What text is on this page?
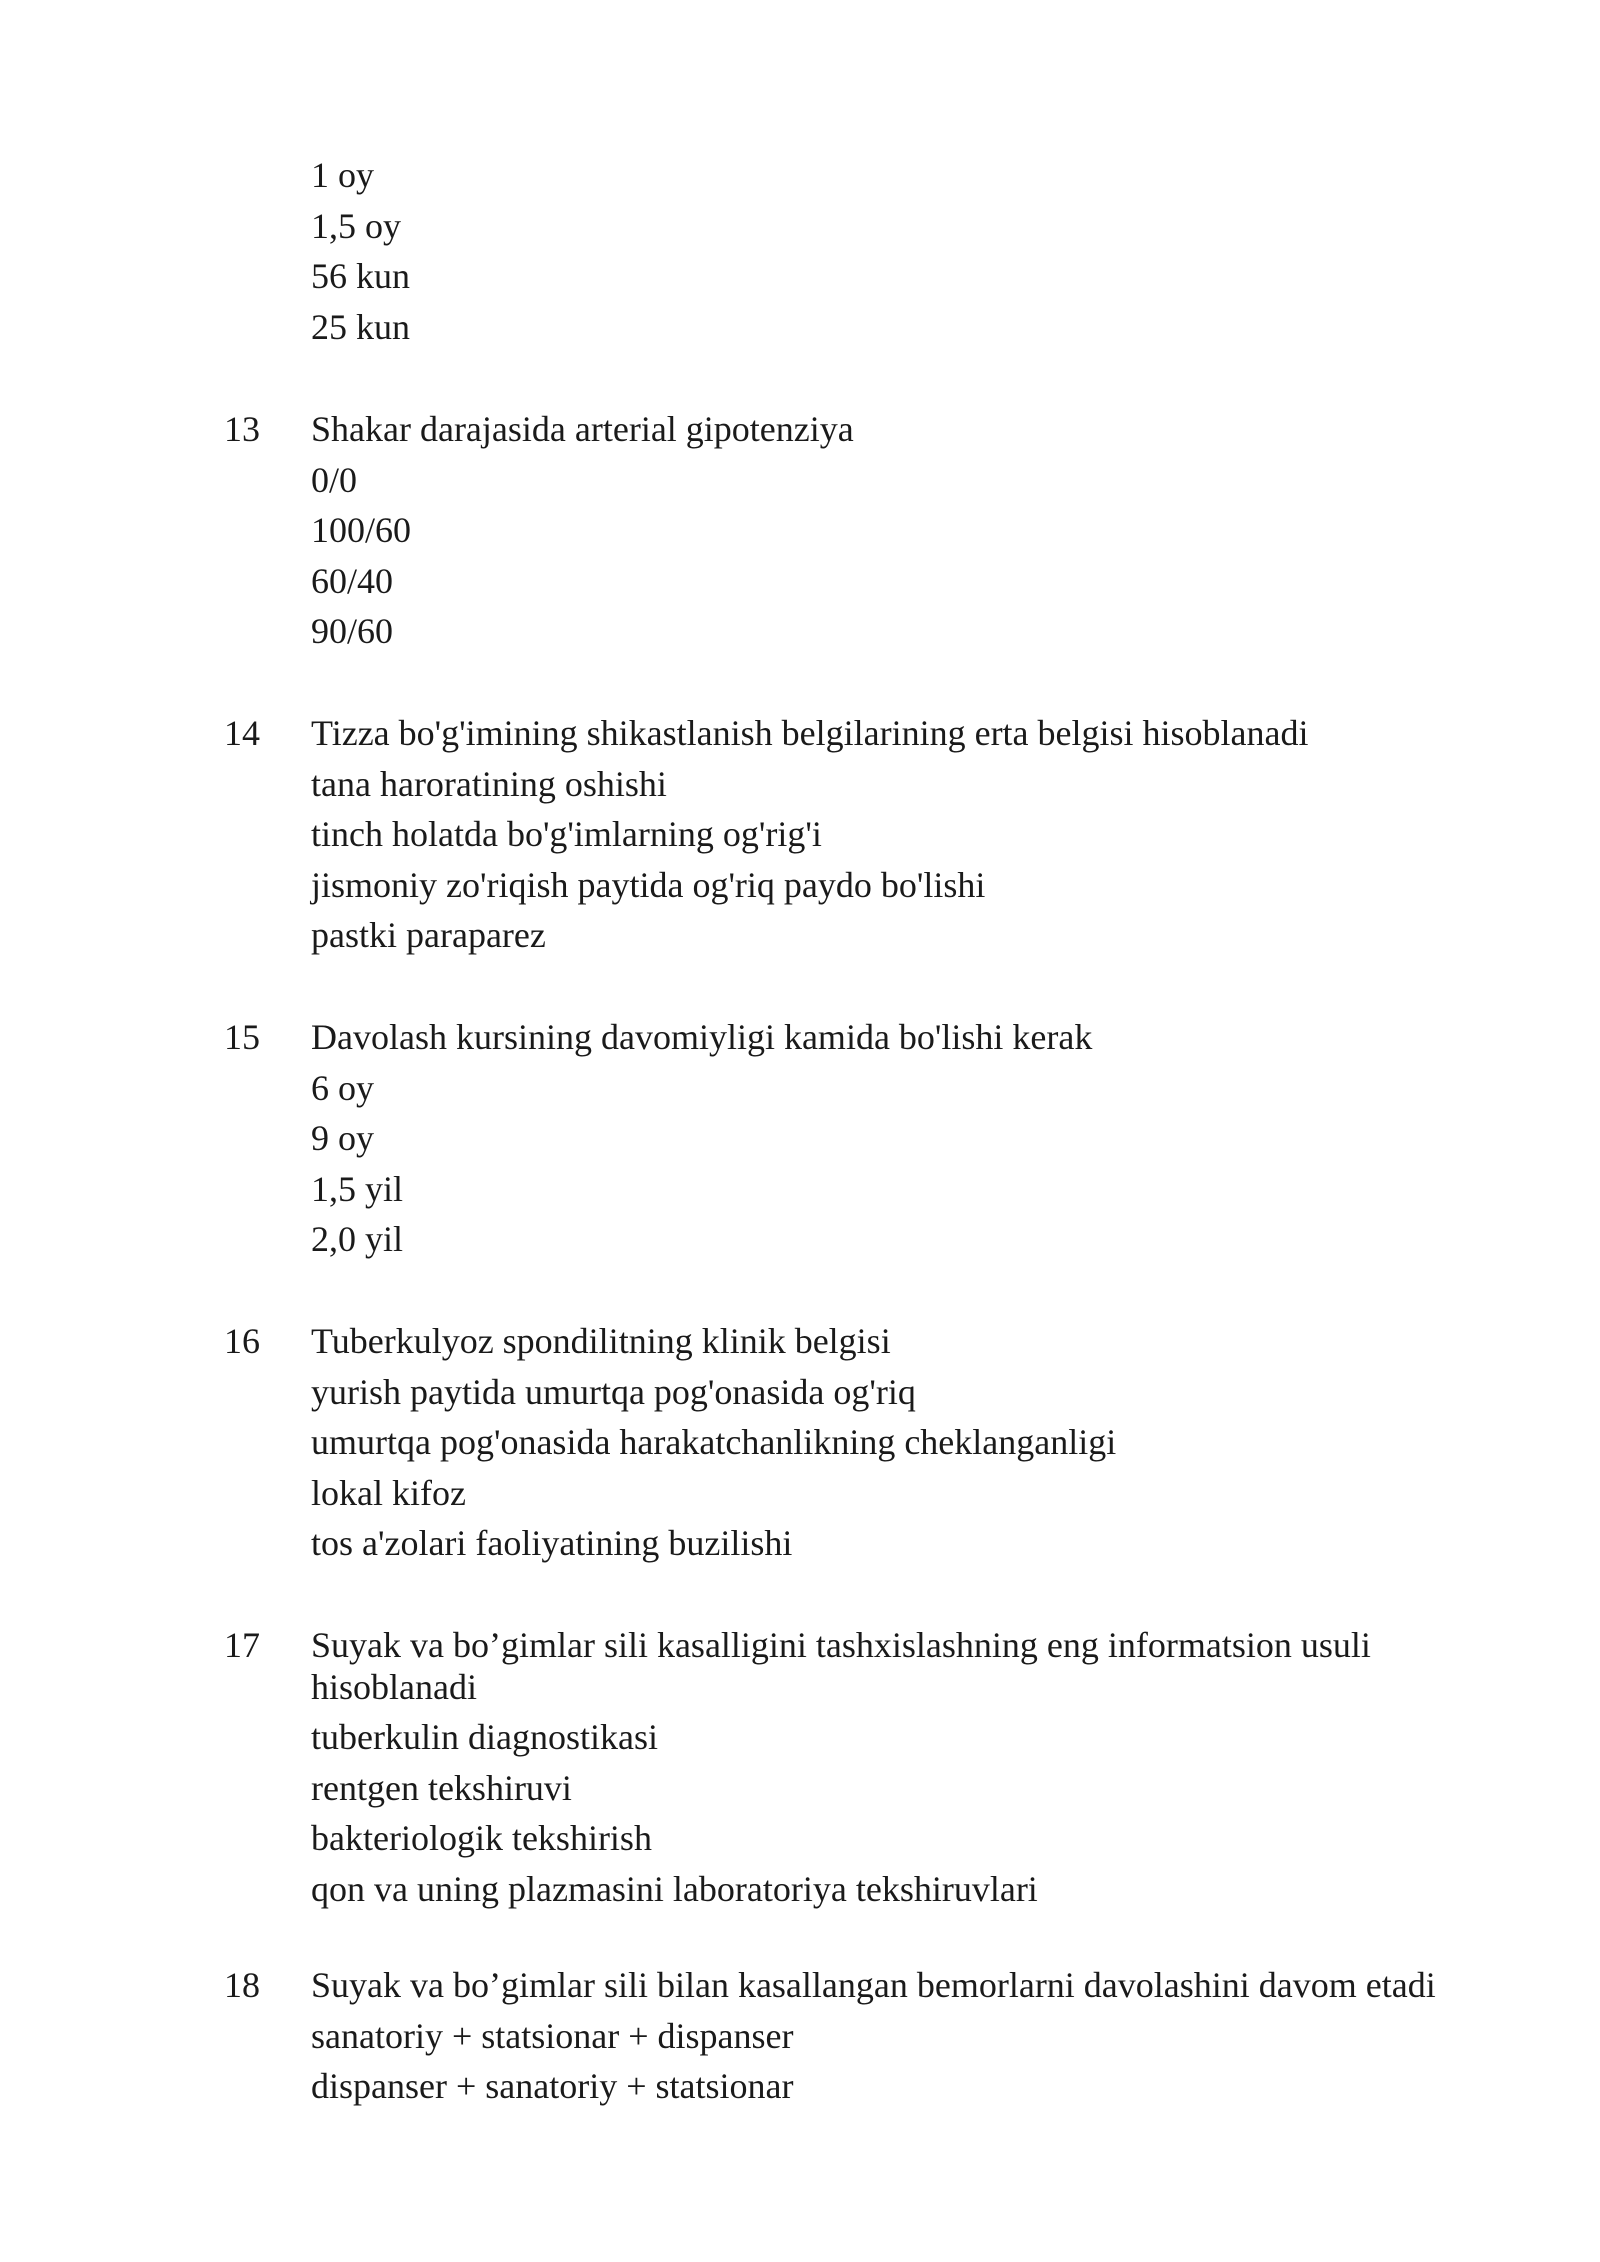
1 oy
1,5 oy
56 kun
25 kun
13 Shakar darajasida arterial gipotenziya
0/0
100/60
60/40
90/60
14 Tizza bo'g'imining shikastlanish belgilarining erta belgisi hisoblanadi
tana haroratining oshishi
tinch holatda bo'g'imlarning og'rig'i
jismoniy zo'riqish paytida og'riq paydo bo'lishi
pastki paraparez
15 Davolash kursining davomiyligi kamida bo'lishi kerak
6 oy
9 oy
1,5 yil
2,0 yil
16 Tuberkulyoz spondilitning klinik belgisi
yurish paytida umurtqa pog'onasida og'riq
umurtqa pog'onasida harakatchanlikning cheklanganligi
lokal kifoz
tos a'zolari faoliyatining buzilishi
17 Suyak va bo’gimlar sili kasalligini tashxislashning eng informatsion usuli hisoblanadi
tuberkulin diagnostikasi
rentgen tekshiruvi
bakteriologik tekshirish
qon va uning plazmasini laboratoriya tekshiruvlari
18 Suyak va bo’gimlar sili bilan kasallangan bemorlarni davolashini davom etadi
sanatoriy + statsionar + dispanser
dispanser + sanatoriy + statsionar
